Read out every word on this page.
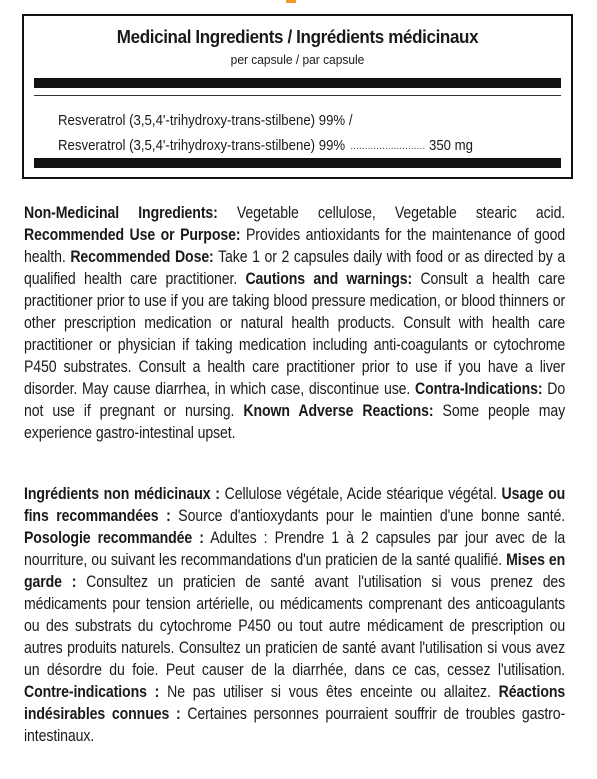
Medicinal Ingredients / Ingrédients médicinaux
per capsule / par capsule
Resveratrol (3,5,4'-trihydroxy-trans-stilbene) 99% /
Resveratrol (3,5,4'-trihydroxy-trans-stilbene) 99% .......................... 350 mg
Non-Medicinal Ingredients: Vegetable cellulose, Vegetable stearic acid. Recommended Use or Purpose: Provides antioxidants for the maintenance of good health. Recommended Dose: Take 1 or 2 capsules daily with food or as directed by a qualified health care practitioner. Cautions and warnings: Consult a health care practitioner prior to use if you are taking blood pressure medication, or blood thinners or other prescription medication or natural health products. Consult with health care practitioner or physician if taking medication including anti-coagulants or cytochrome P450 substrates. Consult a health care practitioner prior to use if you have a liver disorder. May cause diarrhea, in which case, discontinue use. Contra-Indications: Do not use if pregnant or nursing. Known Adverse Reactions: Some people may experience gastro-intestinal upset.
Ingrédients non médicinaux : Cellulose végétale, Acide stéarique végétal. Usage ou fins recommandées : Source d'antioxydants pour le maintien d'une bonne santé. Posologie recommandée : Adultes : Prendre 1 à 2 capsules par jour avec de la nourriture, ou suivant les recommandations d'un praticien de la santé qualifié. Mises en garde : Consultez un praticien de santé avant l'utilisation si vous prenez des médicaments pour tension artérielle, ou médicaments comprenant des anticoagulants ou des substrats du cytochrome P450 ou tout autre médicament de prescription ou autres produits naturels. Consultez un praticien de santé avant l'utilisation si vous avez un désordre du foie. Peut causer de la diarrhée, dans ce cas, cessez l'utilisation. Contre-indications : Ne pas utiliser si vous êtes enceinte ou allaitez. Réactions indésirables connues : Certaines personnes pourraient souffrir de troubles gastro-intestinaux.
